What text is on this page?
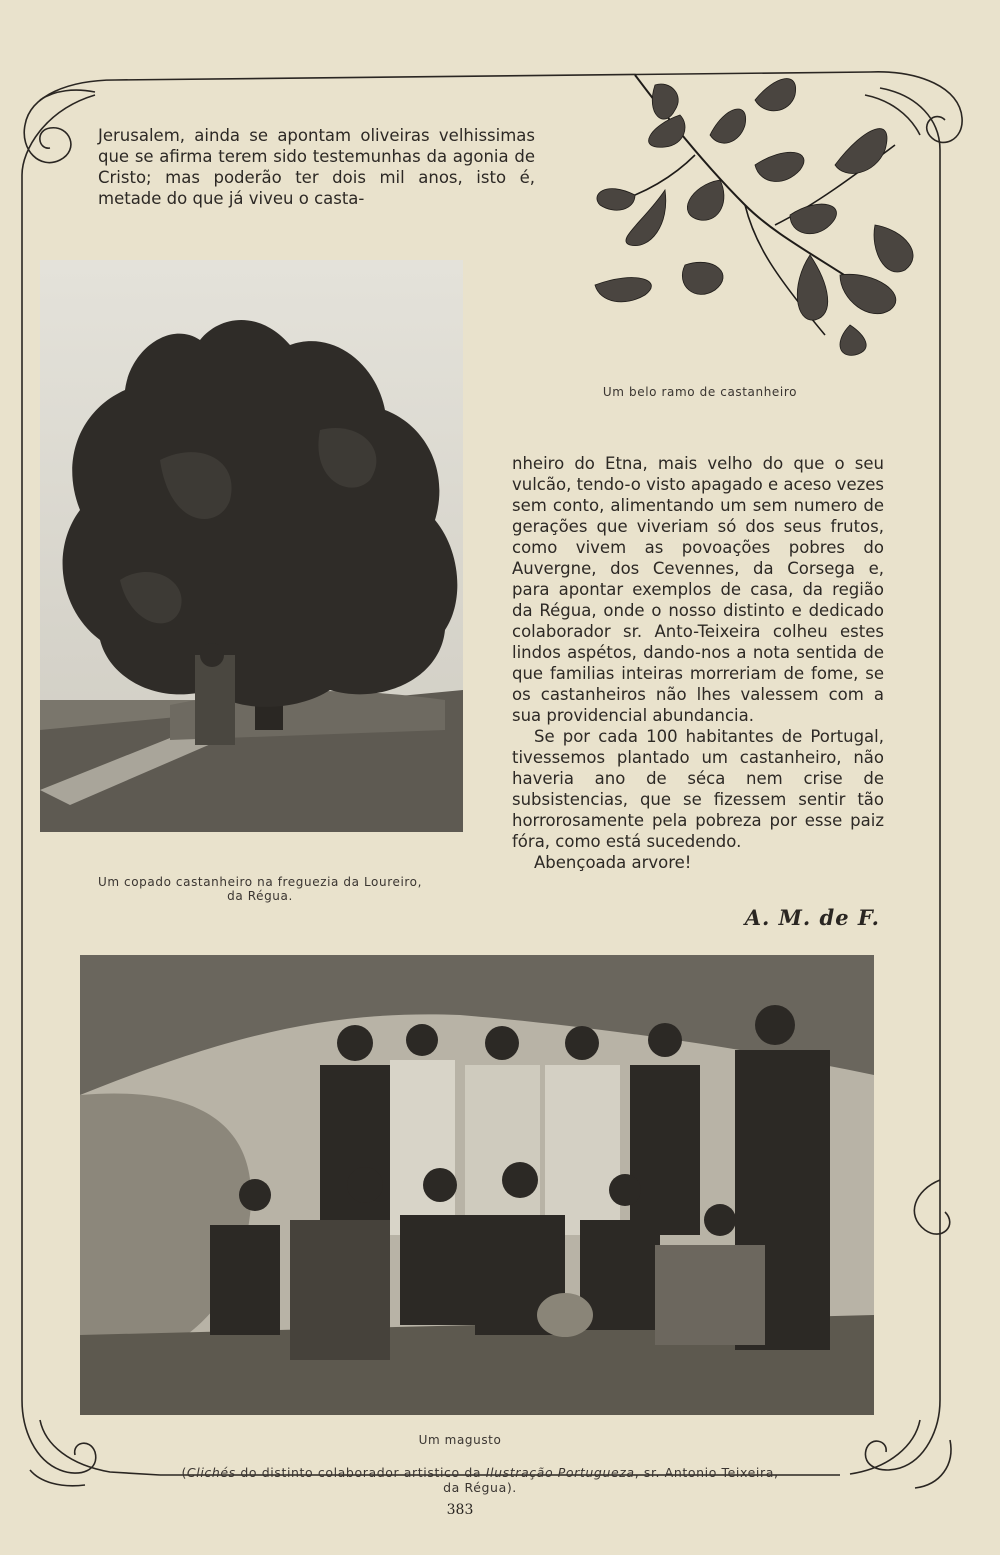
Jerusalem, ainda se apontam oliveiras velhissimas que se afirma terem sido testemunhas da agonia de Cristo; mas poderão ter dois mil anos, isto é, metade do que já viveu o casta-

Um belo ramo de castanheiro
Um copado castanheiro na freguezia da Loureiro,
da Régua.

nheiro do Etna, mais velho do que o seu vulcão, tendo-o visto apagado e aceso vezes sem conto, alimentando um sem numero de gerações que viveriam só dos seus frutos, como vivem as povoações pobres do Auvergne, dos Cevennes, da Corsega e, para apontar exemplos de casa, da região da Régua, onde o nosso distinto e dedicado colaborador sr. Anto-Teixeira colheu estes lindos aspétos, dando-nos a nota sentida de que familias inteiras morreriam de fome, se os castanheiros não lhes valessem com a sua providencial abundancia.

Se por cada 100 habitantes de Portugal, tivessemos plantado um castanheiro, não haveria ano de séca nem crise de subsistencias, que se fizessem sentir tão horrorosamente pela pobreza por esse paiz fóra, como está sucedendo.

Abençoada arvore!

A. M. de F.
Um magusto
(Clichés do distinto colaborador artistico da Ilustração Portugueza, sr. Antonio Teixeira,
da Régua).
383
